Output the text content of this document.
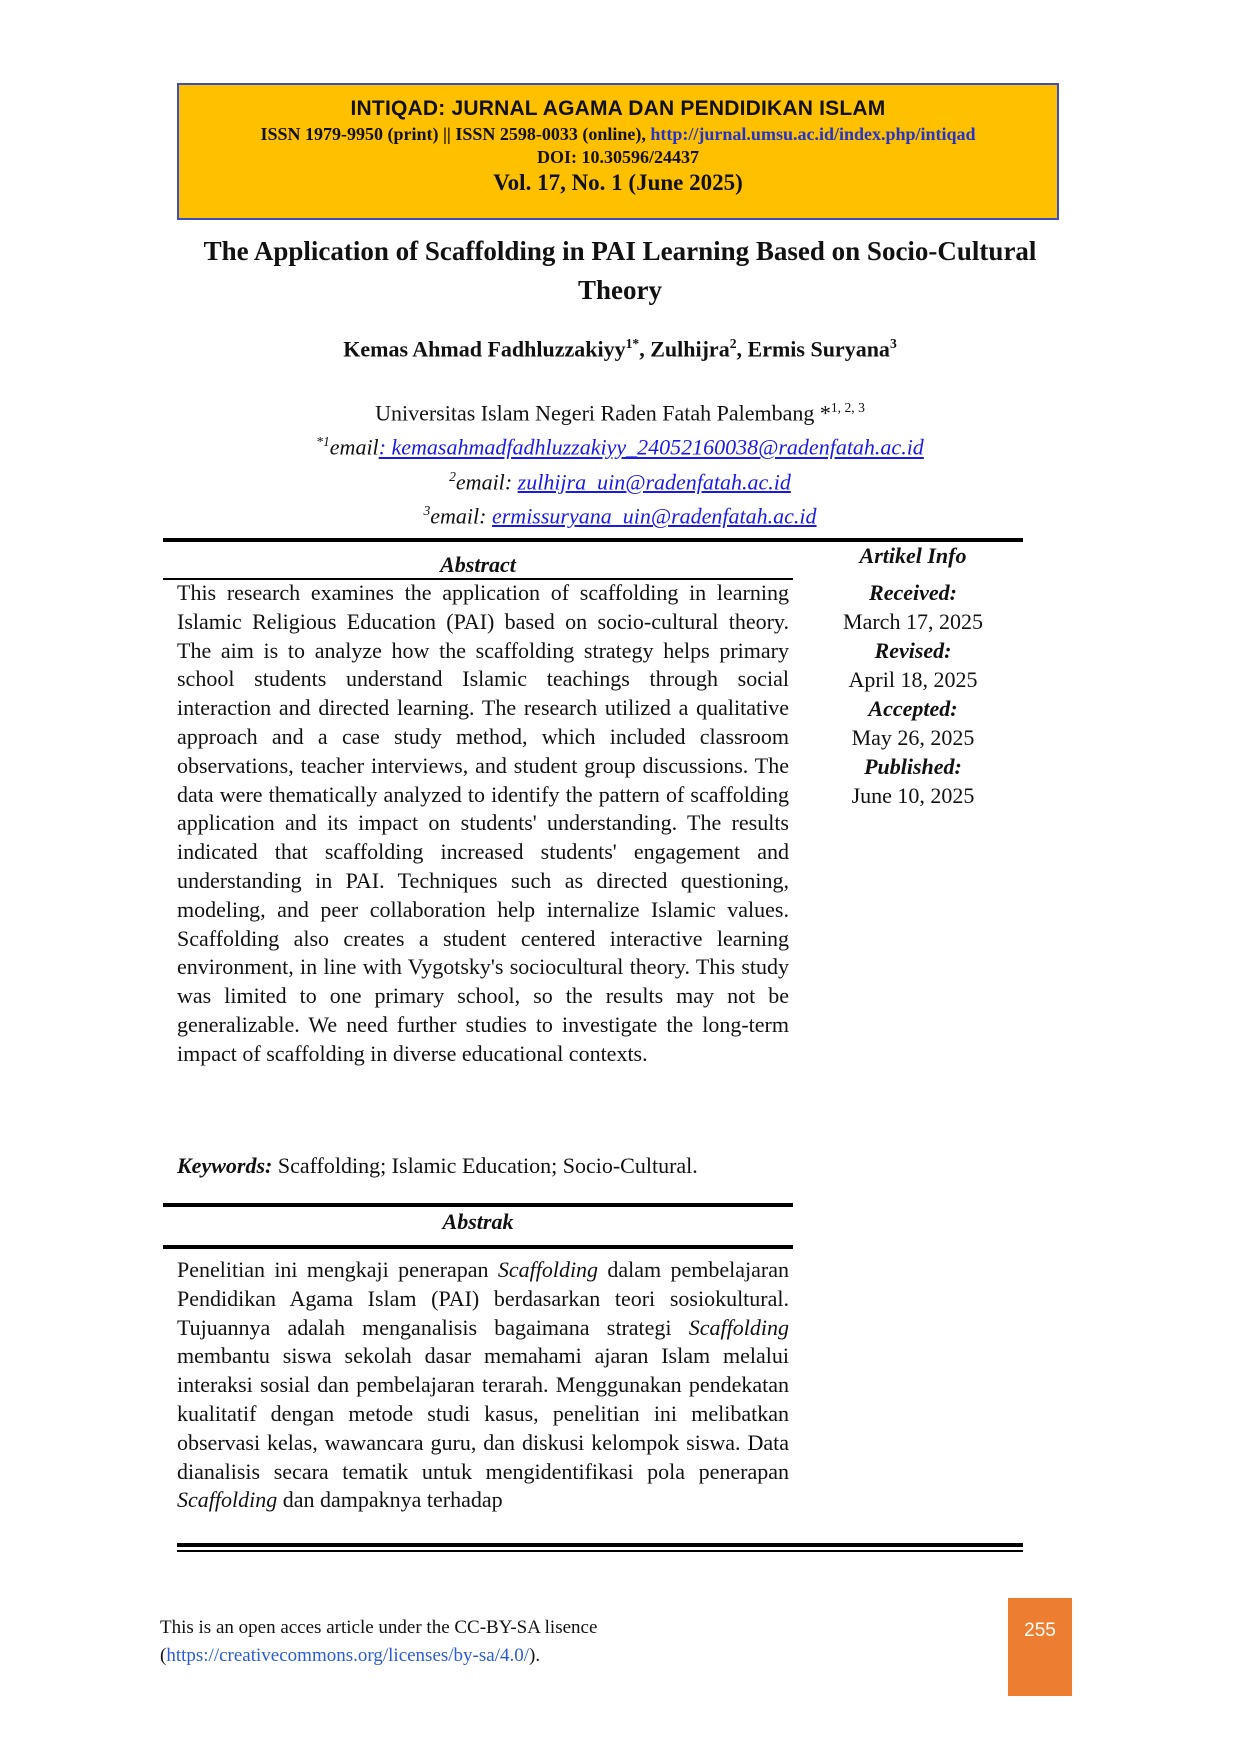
INTIQAD: JURNAL AGAMA DAN PENDIDIKAN ISLAM
ISSN 1979-9950 (print) || ISSN 2598-0033 (online), http://jurnal.umsu.ac.id/index.php/intiqad
DOI: 10.30596/24437
Vol. 17, No. 1 (June 2025)
The Application of Scaffolding in PAI Learning Based on Socio-Cultural Theory
Kemas Ahmad Fadhluzzakiyy$^{1*}$, Zulhijra$^2$, Ermis Suryana$^3$
Universitas Islam Negeri Raden Fatah Palembang *$^{1, 2, 3}$
$^{*1}$email: kemasahmadfadhluzzakiyy_24052160038@radenfatah.ac.id
$^2$email: zulhijra_uin@radenfatah.ac.id
$^3$email: ermissuryana_uin@radenfatah.ac.id
Abstract
This research examines the application of scaffolding in learning Islamic Religious Education (PAI) based on socio-cultural theory. The aim is to analyze how the scaffolding strategy helps primary school students understand Islamic teachings through social interaction and directed learning. The research utilized a qualitative approach and a case study method, which included classroom observations, teacher interviews, and student group discussions. The data were thematically analyzed to identify the pattern of scaffolding application and its impact on students' understanding. The results indicated that scaffolding increased students' engagement and understanding in PAI. Techniques such as directed questioning, modeling, and peer collaboration help internalize Islamic values. Scaffolding also creates a student centered interactive learning environment, in line with Vygotsky's sociocultural theory. This study was limited to one primary school, so the results may not be generalizable. We need further studies to investigate the long-term impact of scaffolding in diverse educational contexts.
Keywords: Scaffolding; Islamic Education; Socio-Cultural.
Abstrak
Penelitian ini mengkaji penerapan Scaffolding dalam pembelajaran Pendidikan Agama Islam (PAI) berdasarkan teori sosiokultural. Tujuannya adalah menganalisis bagaimana strategi Scaffolding membantu siswa sekolah dasar memahami ajaran Islam melalui interaksi sosial dan pembelajaran terarah. Menggunakan pendekatan kualitatif dengan metode studi kasus, penelitian ini melibatkan observasi kelas, wawancara guru, dan diskusi kelompok siswa. Data dianalisis secara tematik untuk mengidentifikasi pola penerapan Scaffolding dan dampaknya terhadap
Artikel Info
Received:
March 17, 2025
Revised:
April 18, 2025
Accepted:
May 26, 2025
Published:
June 10, 2025
This is an open acces article under the CC-BY-SA lisence
(https://creativecommons.org/licenses/by-sa/4.0/).
255
